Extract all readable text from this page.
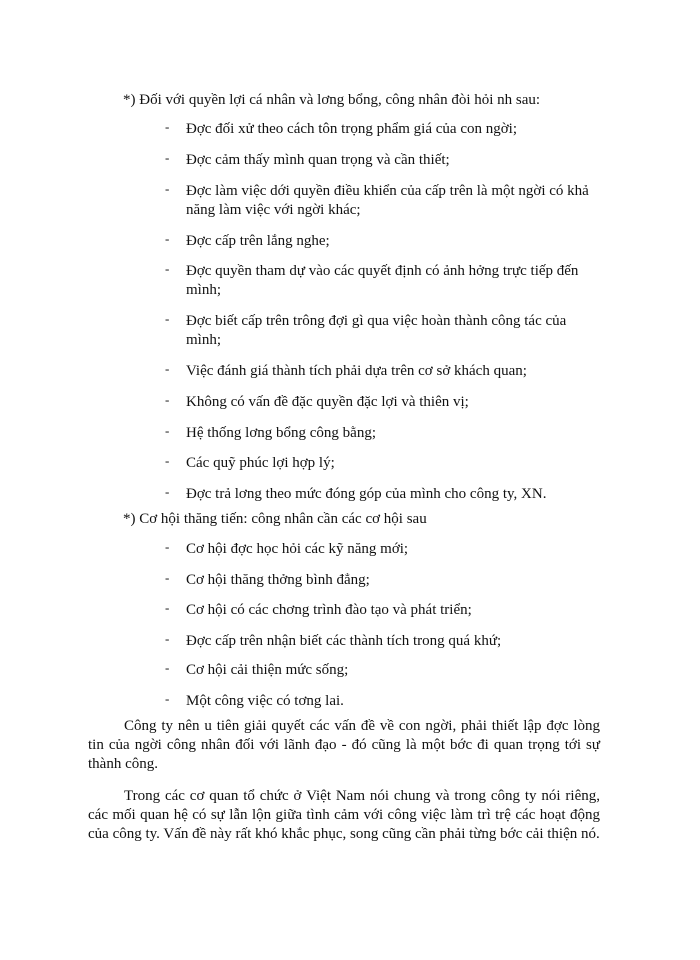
*) Đối với quyền lợi cá nhân và lơng bổng, công nhân đòi hỏi nh sau:
- Đợc đối xử theo cách tôn trọng phẩm giá của con ngời;
- Đợc cảm thấy mình quan trọng và cần thiết;
- Đợc làm việc dới quyền điều khiển của cấp trên là một ngời có khả năng làm việc với ngời khác;
- Đợc cấp trên lắng nghe;
- Đợc quyền tham dự vào các quyết định có ảnh hởng trực tiếp đến mình;
- Đợc biết cấp trên trông đợi gì qua việc hoàn thành công tác của mình;
- Việc đánh giá thành tích phải dựa trên cơ sở khách quan;
- Không có vấn đề đặc quyền đặc lợi và thiên vị;
- Hệ thống lơng bổng công bằng;
- Các quỹ phúc lợi hợp lý;
- Đợc trả lơng theo mức đóng góp của mình cho công ty, XN.
*) Cơ hội thăng tiến: công nhân cần các cơ hội sau
- Cơ hội đợc học hỏi các kỹ năng mới;
- Cơ hội thăng thởng bình đẳng;
- Cơ hội có các chơng trình đào tạo và phát triển;
- Đợc cấp trên nhận biết các thành tích trong quá khứ;
- Cơ hội cải thiện mức sống;
- Một công việc có tơng lai.
Công ty nên u tiên giải quyết các vấn đề về con ngời, phải thiết lập đợc lòng tin của ngời công nhân đối với lãnh đạo - đó cũng là một bớc đi quan trọng tới sự thành công.
Trong các cơ quan tổ chức ở Việt Nam nói chung và trong công ty nói riêng, các mối quan hệ có sự lẫn lộn giữa tình cảm với công việc làm trì trệ các hoạt động của công ty. Vấn đề này rất khó khắc phục, song cũng cần phải từng bớc cải thiện nó.
